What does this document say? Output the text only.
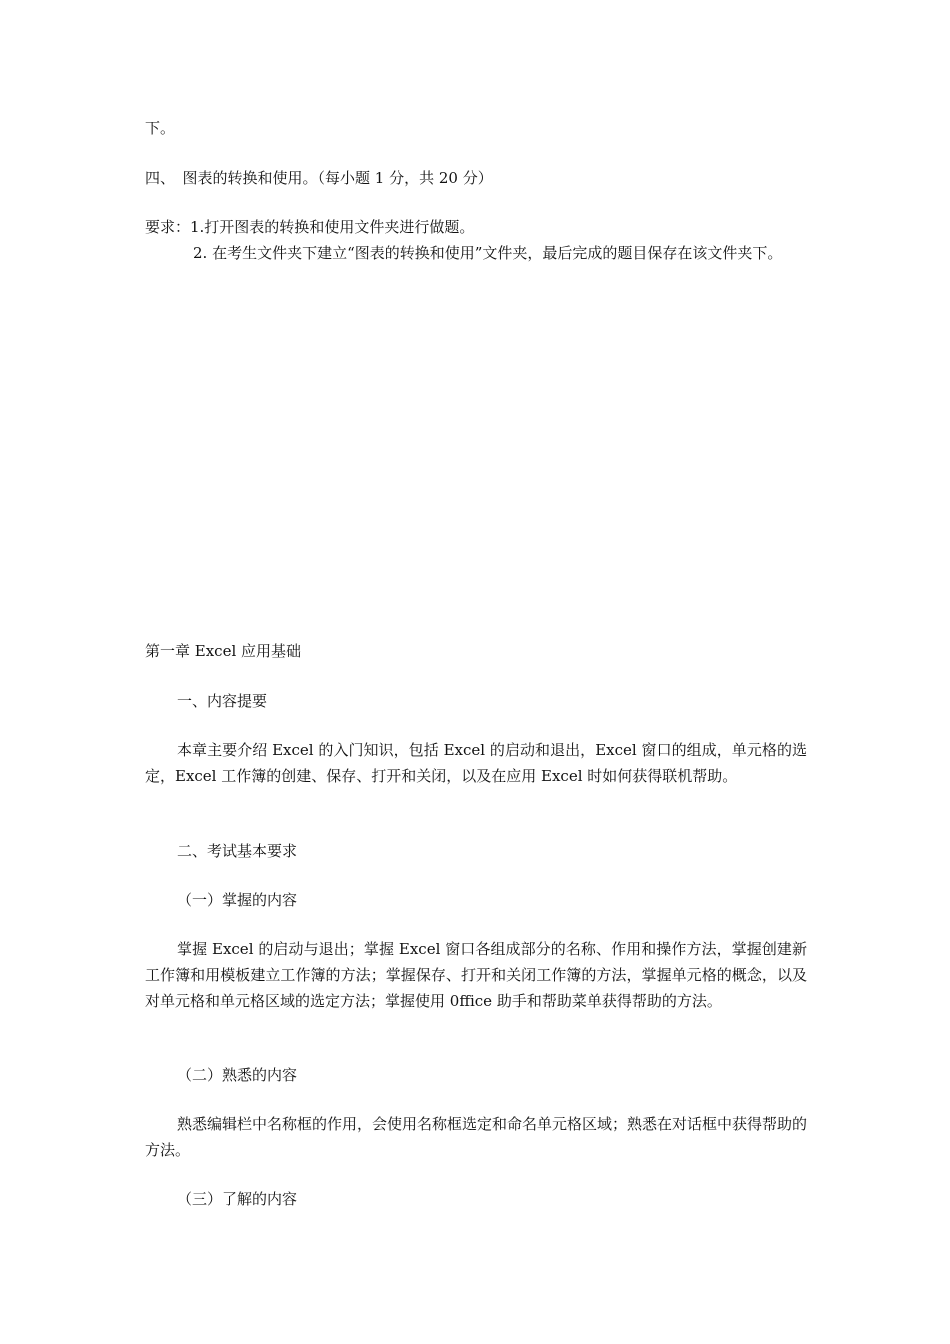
下。
四、　图表的转换和使用。（每小题 1 分，共 20 分）
要求：1.打开图表的转换和使用文件夹进行做题。
2. 在考生文件夹下建立“图表的转换和使用”文件夹，最后完成的题目保存在该文件夹下。
第一章 Excel 应用基础
一、内容提要
本章主要介绍 Excel 的入门知识，包括 Excel 的启动和退出，Excel 窗口的组成，单元格的选定，Excel 工作簿的创建、保存、打开和关闭，以及在应用 Excel 时如何获得联机帮助。
二、考试基本要求
（一）掌握的内容
掌握 Excel 的启动与退出；掌握 Excel 窗口各组成部分的名称、作用和操作方法，掌握创建新工作簿和用模板建立工作簿的方法；掌握保存、打开和关闭工作簿的方法，掌握单元格的概念，以及对单元格和单元格区域的选定方法；掌握使用 0ffice 助手和帮助菜单获得帮助的方法。
（二）熟悉的内容
熟悉编辑栏中名称框的作用，会使用名称框选定和命名单元格区域；熟悉在对话框中获得帮助的方法。
（三）了解的内容
